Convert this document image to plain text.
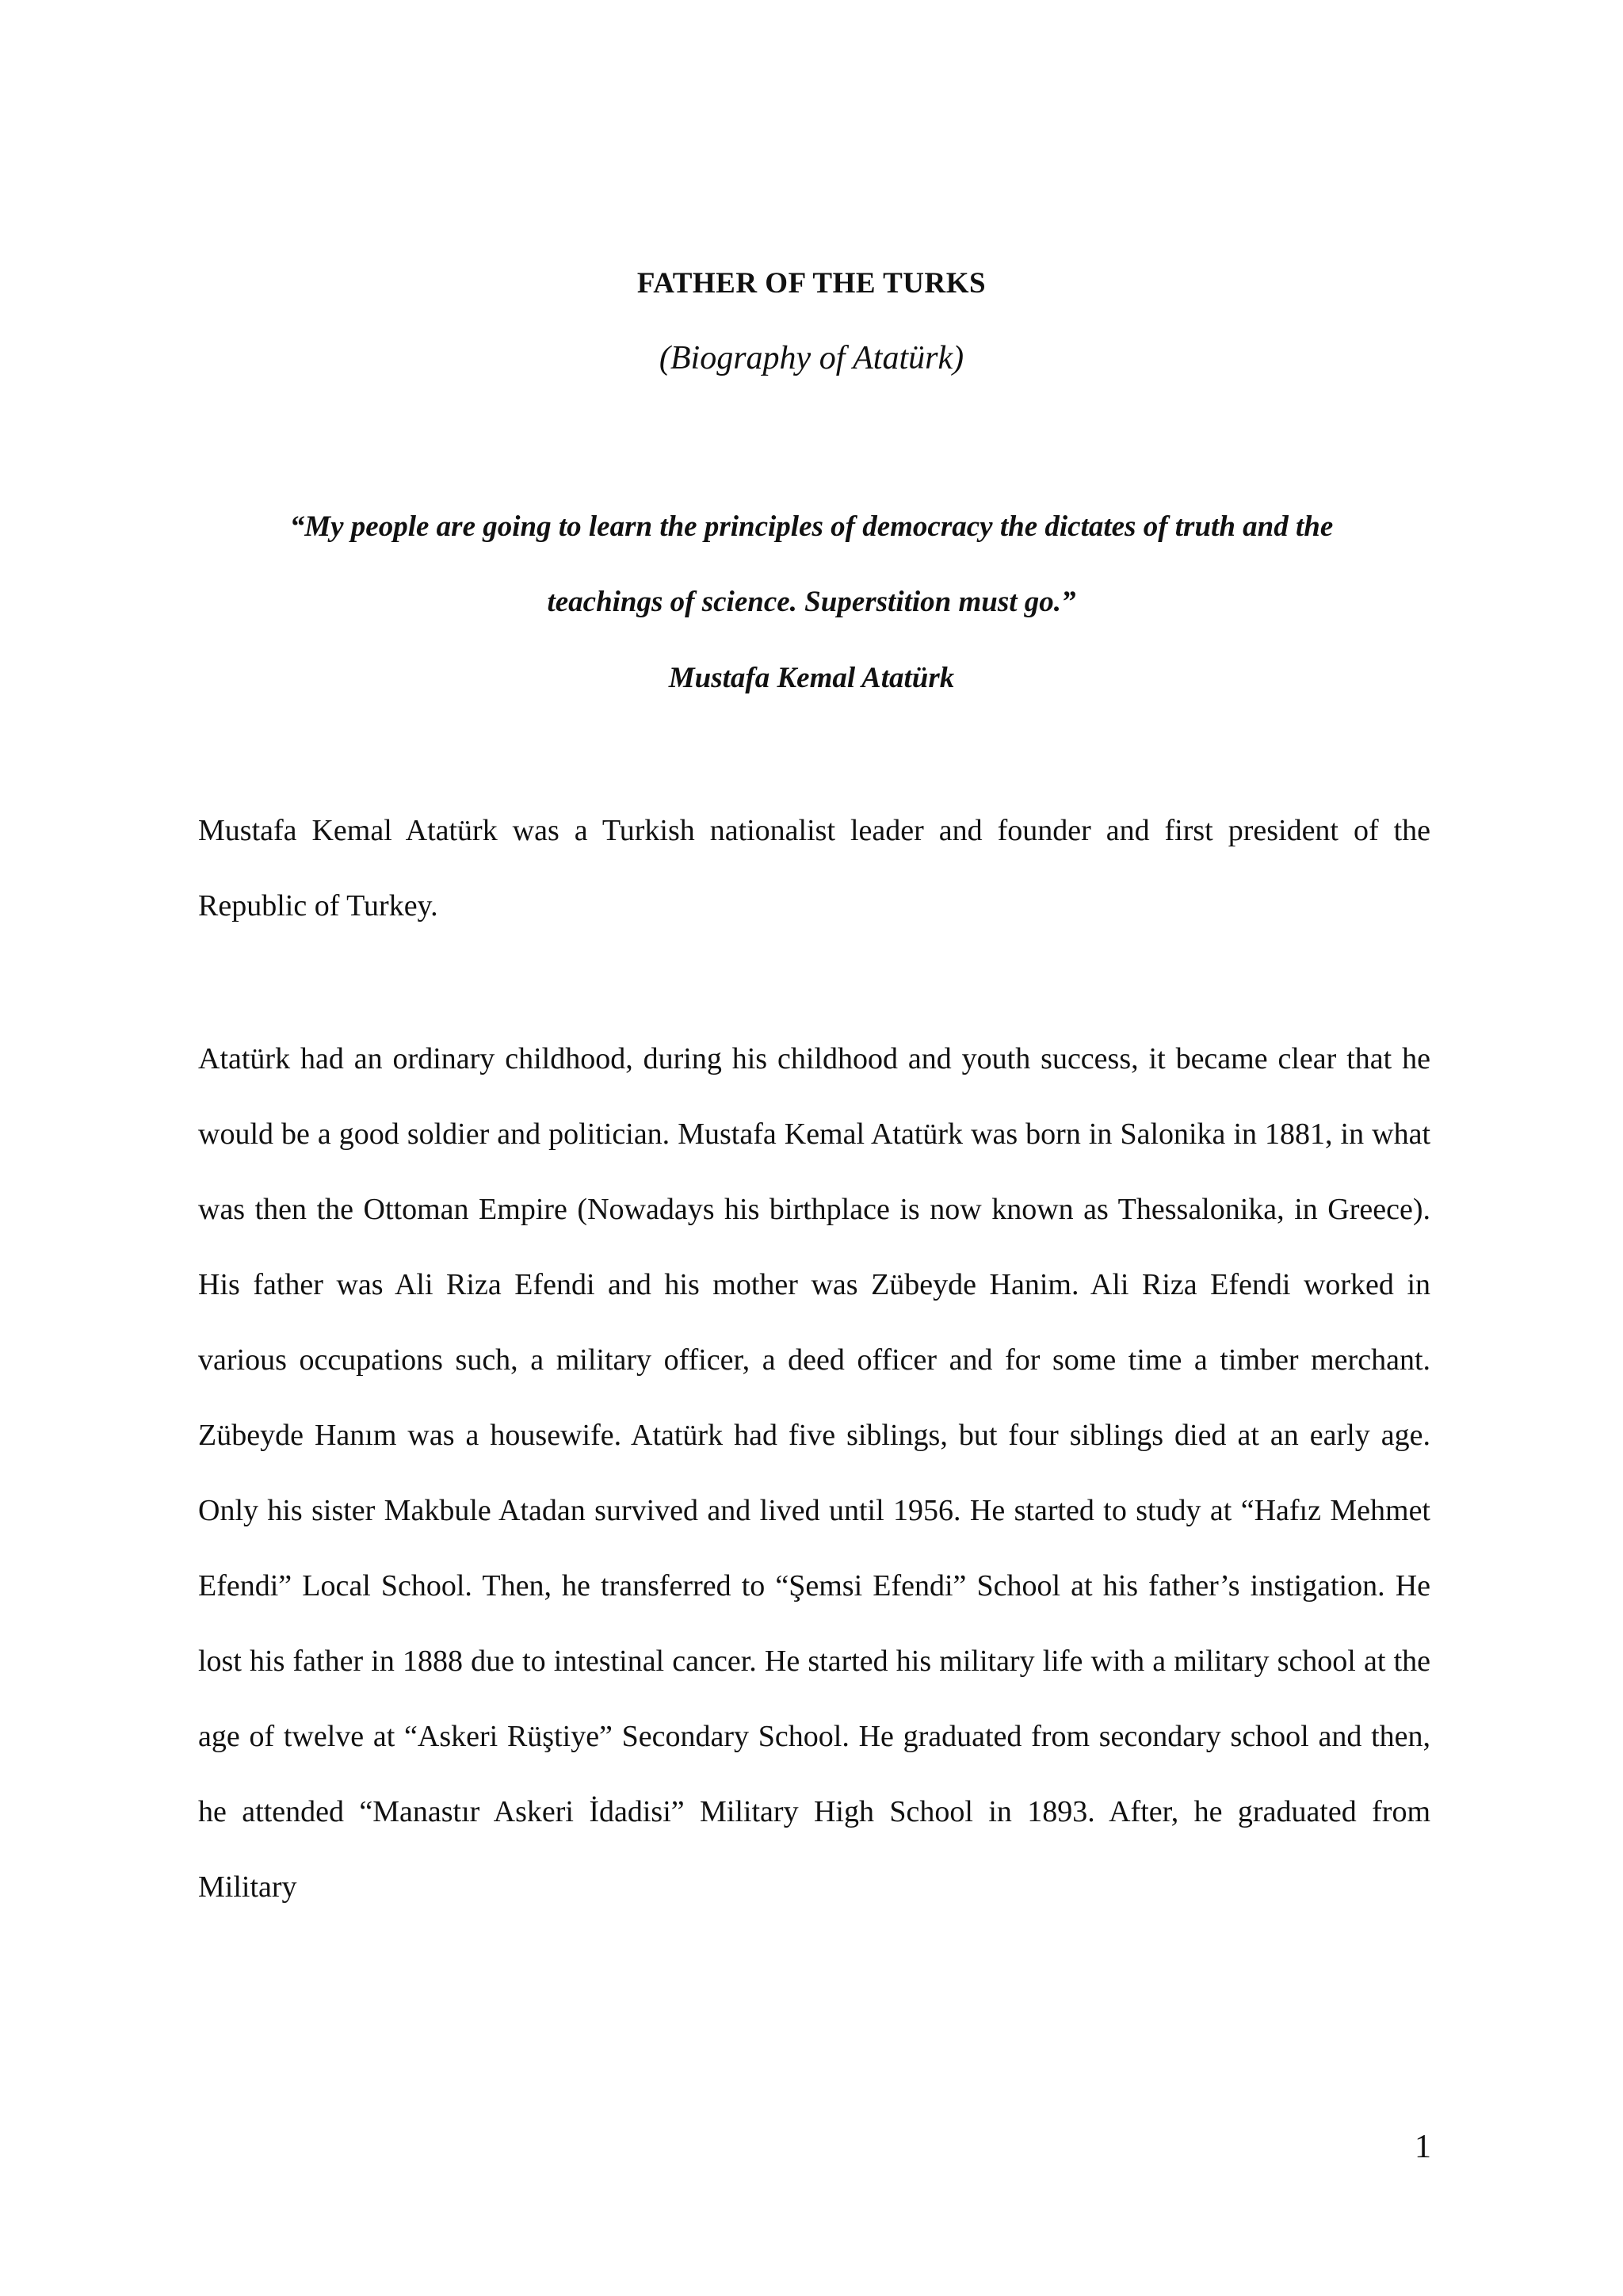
FATHER OF THE TURKS
(Biography of Atatürk)
“My people are going to learn the principles of democracy the dictates of truth and the
teachings of science. Superstition must go.”
Mustafa Kemal Atatürk

Mustafa Kemal Atatürk was a Turkish nationalist leader and founder and first president of the Republic of Turkey.

Atatürk had an ordinary childhood, during his childhood and youth success, it became clear that he would be a good soldier and politician. Mustafa Kemal Atatürk was born in Salonika in 1881, in what was then the Ottoman Empire (Nowadays his birthplace is now known as Thessalonika, in Greece). His father was Ali Riza Efendi and his mother was Zübeyde Hanim. Ali Riza Efendi worked in various occupations such, a military officer, a deed officer and for some time a timber merchant. Zübeyde Hanım was a housewife. Atatürk had five siblings, but four siblings died at an early age. Only his sister Makbule Atadan survived and lived until 1956. He started to study at “Hafız Mehmet Efendi” Local School. Then, he transferred to “Şemsi Efendi” School at his father’s instigation. He lost his father in 1888 due to intestinal cancer. He started his military life with a military school at the age of twelve at “Askeri Rüştiye” Secondary School. He graduated from secondary school and then, he attended “Manastır Askeri İdadisi” Military High School in 1893. After, he graduated from Military

1
